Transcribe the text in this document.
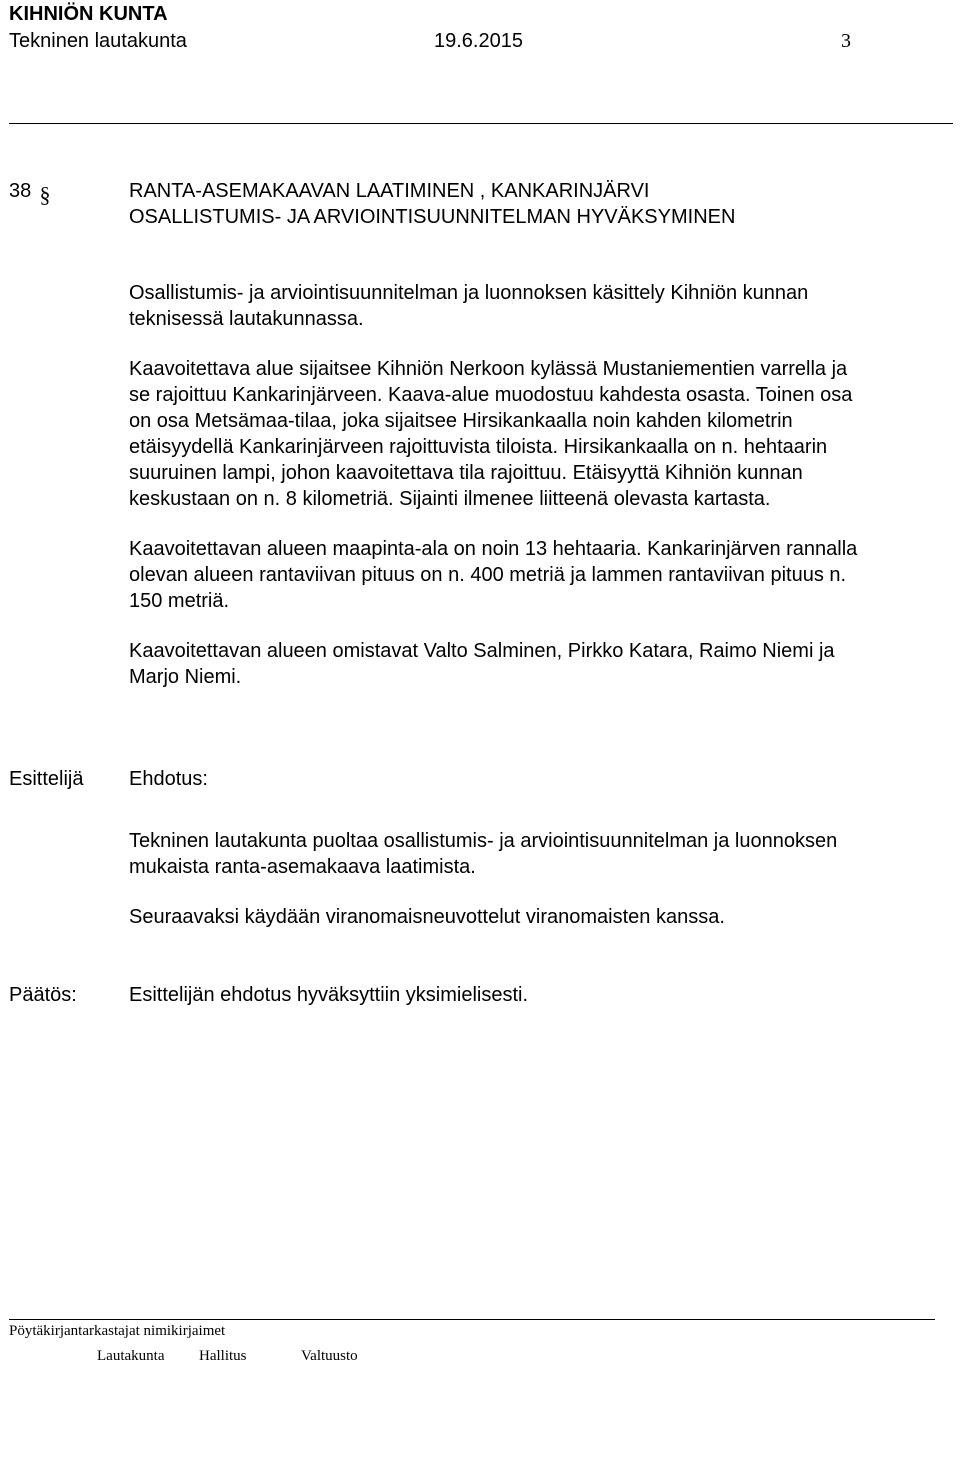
KIHNIÖN KUNTA
Tekninen lautakunta	19.6.2015	3
38 §	RANTA-ASEMAKAAVAN LAATIMINEN , KANKARINJÄRVI
OSALLISTUMIS- JA ARVIOINTISUUNNITELMAN HYVÄKSYMINEN

Osallistumis- ja arviointisuunnitelman ja luonnoksen käsittely Kihniön kunnan
teknisessä lautakunnassa.

Kaavoitettava alue sijaitsee Kihniön Nerkoon kylässä Mustaniementien varrella ja
se rajoittuu Kankarinjärveen. Kaava-alue muodostuu kahdesta osasta. Toinen osa
on osa Metsämaa-tilaa, joka sijaitsee Hirsikankaalla noin kahden kilometrin
etäisyydellä Kankarinjärveen rajoittuvista tiloista. Hirsikankaalla on n. hehtaarin
suuruinen lampi, johon kaavoitettava tila rajoittuu. Etäisyyttä Kihniön kunnan
keskustaan on n. 8 kilometriä. Sijainti ilmenee liitteenä olevasta kartasta.

Kaavoitettavan alueen maapinta-ala on noin 13 hehtaaria. Kankarinjärven rannalla
olevan alueen rantaviivan pituus on n. 400 metriä ja lammen rantaviivan pituus n.
150 metriä.

Kaavoitettavan alueen omistavat Valto Salminen, Pirkko Katara, Raimo Niemi ja
Marjo Niemi.

Esittelijä Ehdotus:

Tekninen lautakunta puoltaa osallistumis- ja arviointisuunnitelman ja luonnoksen
mukaista ranta-asemakaava laatimista.

Seuraavaksi käydään viranomaisneuvottelut viranomaisten kanssa.

Päätös:	Esittelijän ehdotus hyväksyttiin yksimielisesti.
Pöytäkirjantarkastajat nimikirjaimet
Lautakunta Hallitus	Valtuusto
